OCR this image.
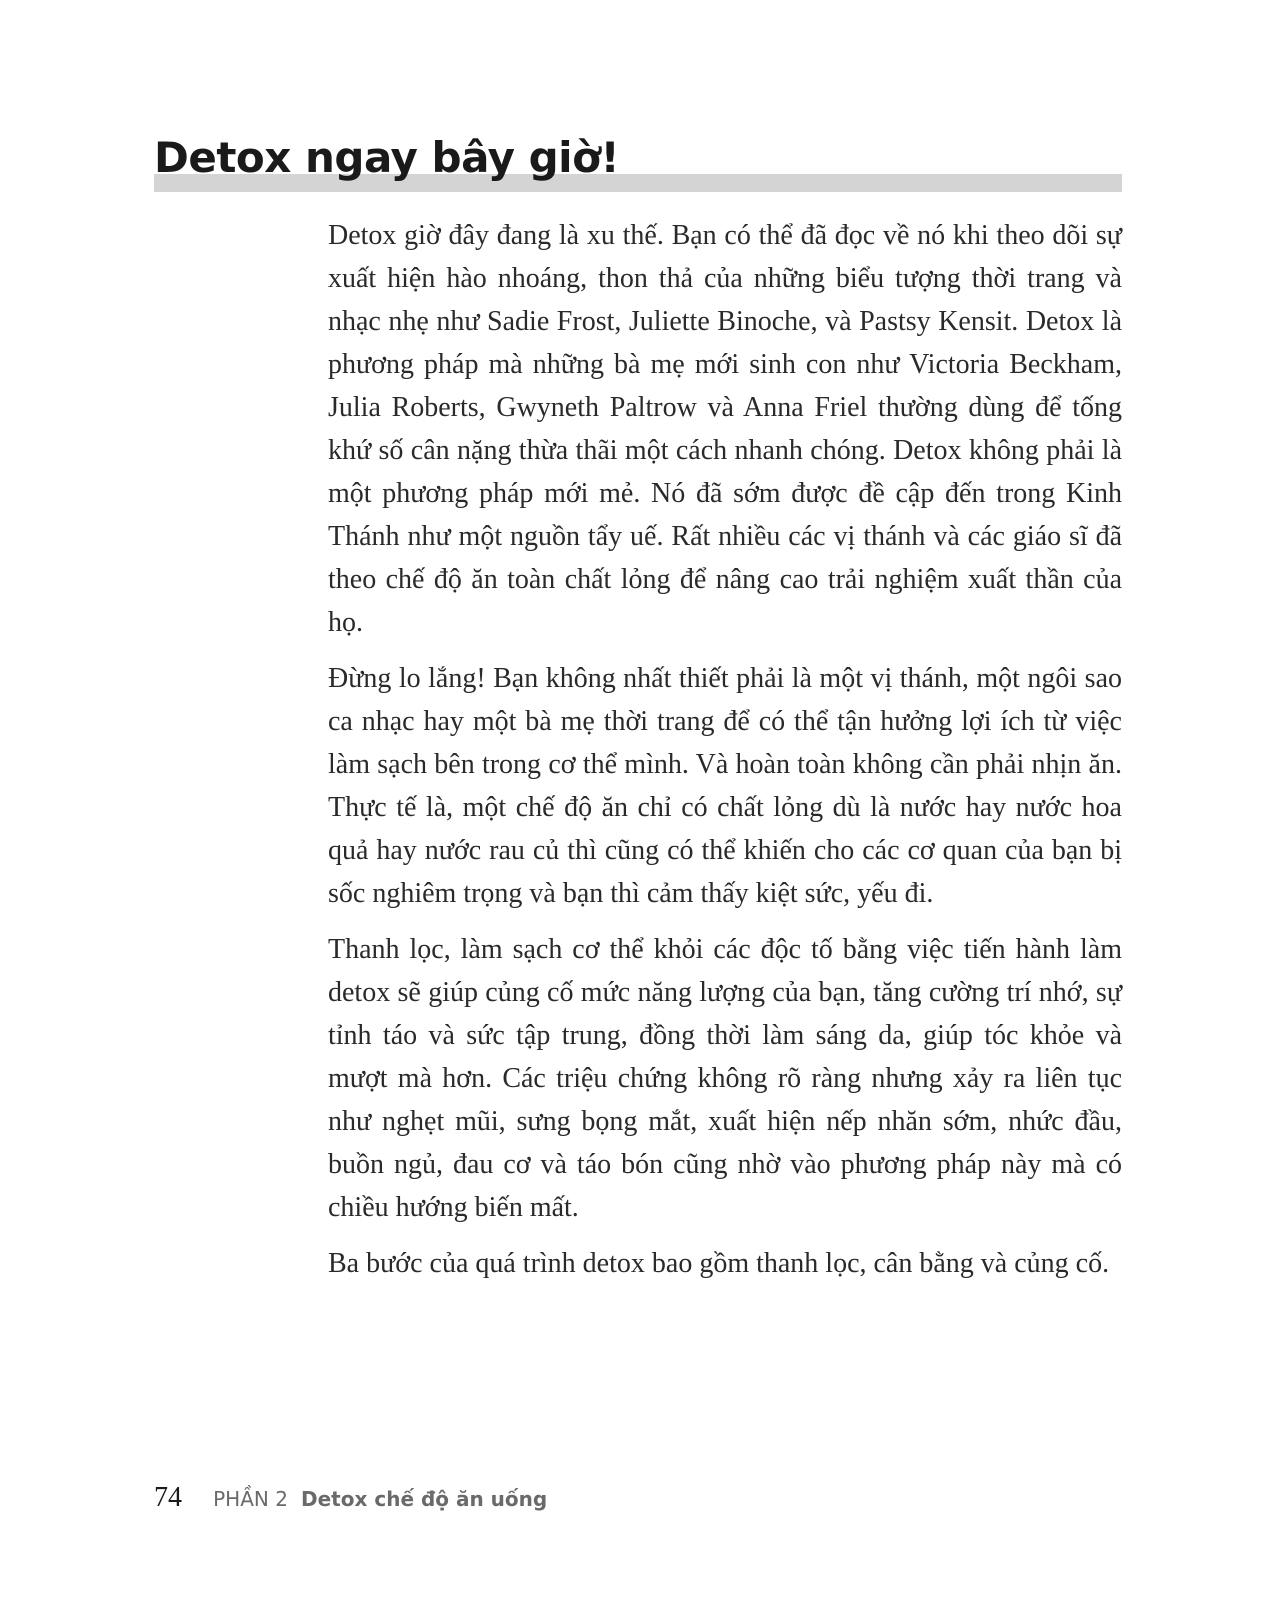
Detox ngay bây giờ!

Detox giờ đây đang là xu thế. Bạn có thể đã đọc về nó khi theo dõi sự xuất hiện hào nhoáng, thon thả của những biểu tượng thời trang và nhạc nhẹ như Sadie Frost, Juliette Binoche, và Pastsy Kensit. Detox là phương pháp mà những bà mẹ mới sinh con như Victoria Beckham, Julia Roberts, Gwyneth Paltrow và Anna Friel thường dùng để tống khứ số cân nặng thừa thãi một cách nhanh chóng. Detox không phải là một phương pháp mới mẻ. Nó đã sớm được đề cập đến trong Kinh Thánh như một nguồn tẩy uế. Rất nhiều các vị thánh và các giáo sĩ đã theo chế độ ăn toàn chất lỏng để nâng cao trải nghiệm xuất thần của họ.

Đừng lo lắng! Bạn không nhất thiết phải là một vị thánh, một ngôi sao ca nhạc hay một bà mẹ thời trang để có thể tận hưởng lợi ích từ việc làm sạch bên trong cơ thể mình. Và hoàn toàn không cần phải nhịn ăn. Thực tế là, một chế độ ăn chỉ có chất lỏng dù là nước hay nước hoa quả hay nước rau củ thì cũng có thể khiến cho các cơ quan của bạn bị sốc nghiêm trọng và bạn thì cảm thấy kiệt sức, yếu đi.

Thanh lọc, làm sạch cơ thể khỏi các độc tố bằng việc tiến hành làm detox sẽ giúp củng cố mức năng lượng của bạn, tăng cường trí nhớ, sự tỉnh táo và sức tập trung, đồng thời làm sáng da, giúp tóc khỏe và mượt mà hơn. Các triệu chứng không rõ ràng nhưng xảy ra liên tục như nghẹt mũi, sưng bọng mắt, xuất hiện nếp nhăn sớm, nhức đầu, buồn ngủ, đau cơ và táo bón cũng nhờ vào phương pháp này mà có chiều hướng biến mất.

Ba bước của quá trình detox bao gồm thanh lọc, cân bằng và củng cố.

74 PHẦN 2 Detox chế độ ăn uống
